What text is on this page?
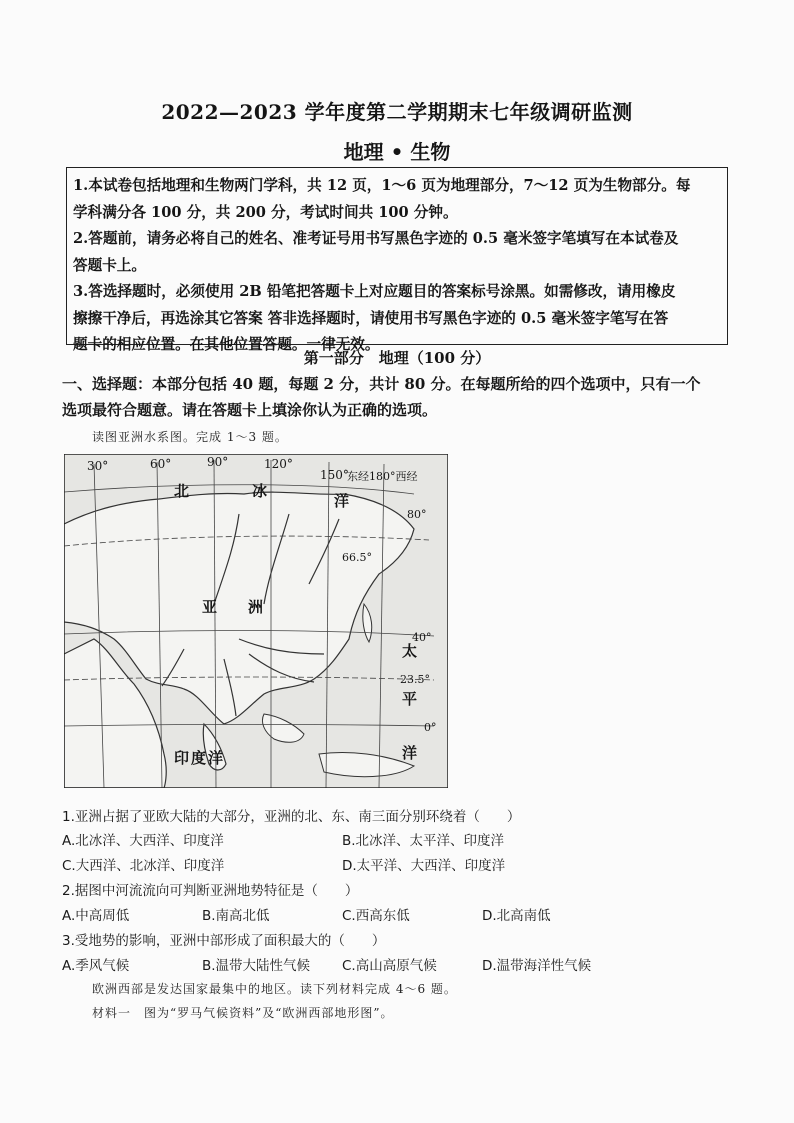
2022—2023 学年度第二学期期末七年级调研监测
地理 • 生物

1.本试卷包括地理和生物两门学科，共 12 页，1～6 页为地理部分，7～12 页为生物部分。每

学科满分各 100 分，共 200 分，考试时间共 100 分钟。

2.答题前，请务必将自己的姓名、准考证号用书写黑色字迹的 0.5 毫米签字笔填写在本试卷及

答题卡上。

3.答选择题时，必须使用 2B 铅笔把答题卡上对应题目的答案标号涂黑。如需修改，请用橡皮

擦擦干净后，再选涂其它答案 答非选择题时，请使用书写黑色字迹的 0.5 毫米签字笔写在答

题卡的相应位置。在其他位置答题。一律无效。

第一部分　地理（100 分）
一、选择题：本部分包括 40 题，每题 2 分，共计 80 分。在每题所给的四个选项中，只有一个
选项最符合题意。请在答题卡上填涂你认为正确的选项。
读图亚洲水系图。完成 1～3 题。
30°	60°	90°	120°
150°
东经180°西经
80°
66.5°
40°
23.5°
0°
北	冰
洋
亚 洲
太
平
洋
印度洋
1.亚洲占据了亚欧大陆的大部分，亚洲的北、东、南三面分别环绕着（　　）
A.北冰洋、大西洋、印度洋	B.北冰洋、太平洋、印度洋
C.大西洋、北冰洋、印度洋	D.太平洋、大西洋、印度洋
2.据图中河流流向可判断亚洲地势特征是（　　）
A.中高周低	B.南高北低	C.西高东低	D.北高南低
3.受地势的影响，亚洲中部形成了面积最大的（　　）
A.季风气候	B.温带大陆性气候 C.高山高原气候	D.温带海洋性气候
欧洲西部是发达国家最集中的地区。读下列材料完成 4～6 题。
材料一　图为“罗马气候资料”及“欧洲西部地形图”。
